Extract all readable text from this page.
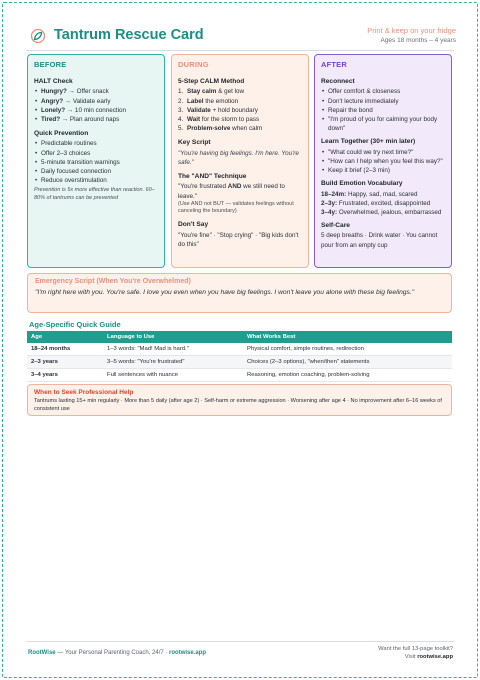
Tantrum Rescue Card	Print & keep on your fridge
Ages 18 months – 4 years
BEFORE
HALT Check
• Hungry? → Offer snack
• Angry? → Validate early
• Lonely? → 10 min connection
• Tired? → Plan around naps
Quick Prevention
• Predictable routines
• Offer 2–3 choices
• 5-minute transition warnings
• Daily focused connection
• Reduce overstimulation
Prevention is 5x more effective than reaction. 60–80% of tantrums can be prevented
DURING
5-Step CALM Method
1. Stay calm & get low
2. Label the emotion
3. Validate + hold boundary
4. Wait for the storm to pass
5. Problem-solve when calm
Key Script
"You're having big feelings. I'm here. You're safe."
The "AND" Technique
"You're frustrated AND we still need to leave."
(Use AND not BUT — validates feelings without canceling the boundary)
Don't Say
"You're fine" · "Stop crying" · "Big kids don't do this"
AFTER
Reconnect
• Offer comfort & closeness
• Don't lecture immediately
• Repair the bond
• "I'm proud of you for calming your body down"
Learn Together (30+ min later)
• "What could we try next time?"
• "How can I help when you feel this way?"
• Keep it brief (2–3 min)
Build Emotion Vocabulary
18–24m: Happy, sad, mad, scared
2–3y: Frustrated, excited, disappointed
3–4y: Overwhelmed, jealous, embarrassed
Self-Care
5 deep breaths · Drink water · You cannot pour from an empty cup
Emergency Script (When You're Overwhelmed)
"I'm right here with you. You're safe. I love you even when you have big feelings. I won't leave you alone with these big feelings."
Age-Specific Quick Guide
Age	Language to Use	What Works Best
18–24 months	1–3 words: "Mad! Mad is hard."	Physical comfort, simple routines, redirection
2–3 years	3–5 words: "You're frustrated"	Choices (2–3 options), "when/then" statements
3–4 years	Full sentences with nuance	Reasoning, emotion coaching, problem-solving
When to Seek Professional Help
Tantrums lasting 15+ min regularly · More than 5 daily (after age 2) · Self-harm or extreme aggression · Worsening after age 4 · No improvement after 6–16 weeks of consistent use
RootWise — Your Personal Parenting Coach, 24/7 · rootwise.app
Want the full 13-page toolkit?
Visit rootwise.app
